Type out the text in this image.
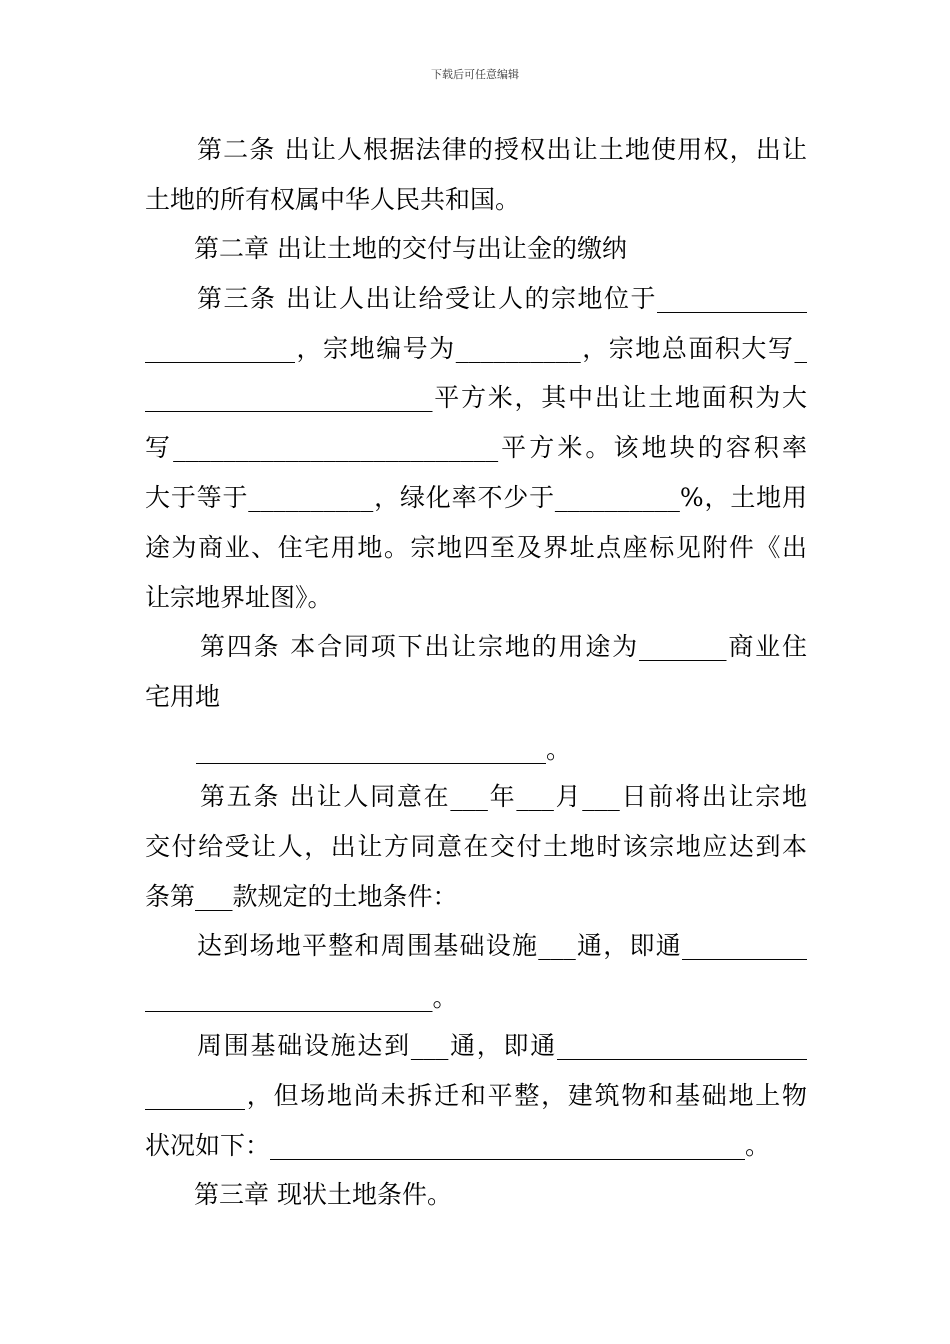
下载后可任意编辑
第二条 出让人根据法律的授权出让土地使用权，出让
土地的所有权属中华人民共和国。
第二章 出让土地的交付与出让金的缴纳
第三条 出让人出让给受让人的宗地位于____________
____________，宗地编号为__________，宗地总面积大写_
_______________________平方米，其中出让土地面积为大
写__________________________平方米。该地块的容积率
大于等于__________，绿化率不少于__________%，土地用
途为商业、住宅用地。宗地四至及界址点座标见附件《出
让宗地界址图》。
第四条 本合同项下出让宗地的用途为_______商业住
宅用地
____________________________。
第五条 出让人同意在___年___月___日前将出让宗地
交付给受让人，出让方同意在交付土地时该宗地应达到本
条第___款规定的土地条件：
达到场地平整和周围基础设施___通，即通__________
_______________________。
周围基础设施达到___通，即通____________________
________，但场地尚未拆迁和平整，建筑物和基础地上物
状况如下：______________________________________。
第三章 现状土地条件。
